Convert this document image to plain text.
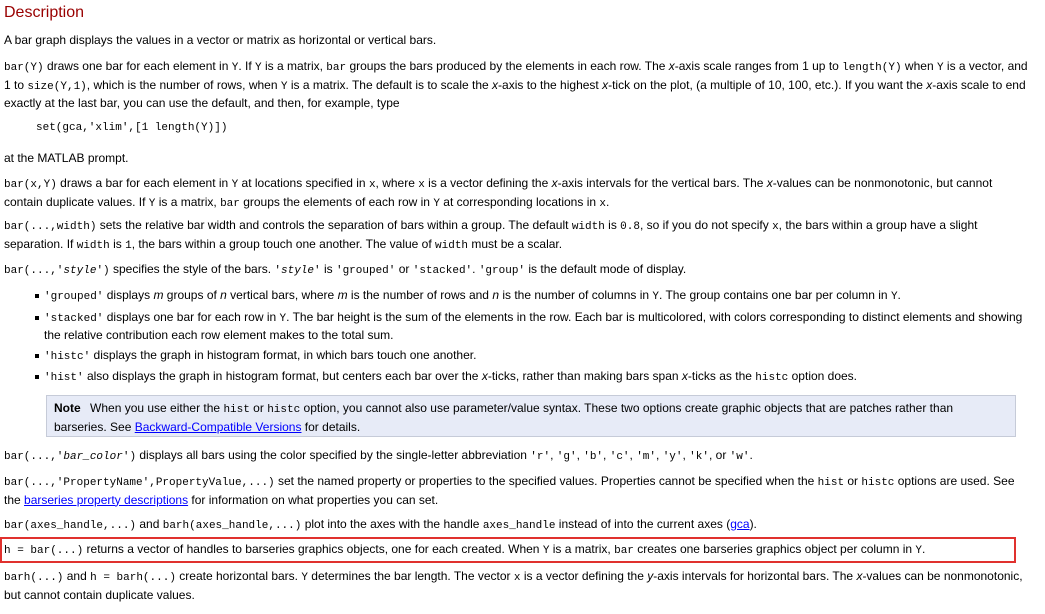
Description

A bar graph displays the values in a vector or matrix as horizontal or vertical bars.

bar(Y) draws one bar for each element in Y. If Y is a matrix, bar groups the bars produced by the elements in each row. The x-axis scale ranges from 1 up to length(Y) when Y is a vector, and 1 to size(Y,1), which is the number of rows, when Y is a matrix. The default is to scale the x-axis to the highest x-tick on the plot, (a multiple of 10, 100, etc.). If you want the x-axis scale to end exactly at the last bar, you can use the default, and then, for example, type

set(gca,'xlim',[1 length(Y)])

at the MATLAB prompt.

bar(x,Y) draws a bar for each element in Y at locations specified in x, where x is a vector defining the x-axis intervals for the vertical bars. The x-values can be nonmonotonic, but cannot contain duplicate values. If Y is a matrix, bar groups the elements of each row in Y at corresponding locations in x.

bar(...,width) sets the relative bar width and controls the separation of bars within a group. The default width is 0.8, so if you do not specify x, the bars within a group have a slight separation. If width is 1, the bars within a group touch one another. The value of width must be a scalar.

bar(...,'style') specifies the style of the bars. 'style' is 'grouped' or 'stacked'. 'group' is the default mode of display.

'grouped' displays m groups of n vertical bars, where m is the number of rows and n is the number of columns in Y. The group contains one bar per column in Y.
'stacked' displays one bar for each row in Y. The bar height is the sum of the elements in the row. Each bar is multicolored, with colors corresponding to distinct elements and showing the relative contribution each row element makes to the total sum.
'histc' displays the graph in histogram format, in which bars touch one another.
'hist' also displays the graph in histogram format, but centers each bar over the x-ticks, rather than making bars span x-ticks as the histc option does.
Note When you use either the hist or histc option, you cannot also use parameter/value syntax. These two options create graphic objects that are patches rather than barseries. See Backward-Compatible Versions for details.

bar(...,'bar_color') displays all bars using the color specified by the single-letter abbreviation 'r', 'g', 'b', 'c', 'm', 'y', 'k', or 'w'.

bar(...,'PropertyName',PropertyValue,...) set the named property or properties to the specified values. Properties cannot be specified when the hist or histc options are used. See the barseries property descriptions for information on what properties you can set.

bar(axes_handle,...) and barh(axes_handle,...) plot into the axes with the handle axes_handle instead of into the current axes (gca).

h = bar(...) returns a vector of handles to barseries graphics objects, one for each created. When Y is a matrix, bar creates one barseries graphics object per column in Y.

barh(...) and h = barh(...) create horizontal bars. Y determines the bar length. The vector x is a vector defining the y-axis intervals for horizontal bars. The x-values can be nonmonotonic, but cannot contain duplicate values.
